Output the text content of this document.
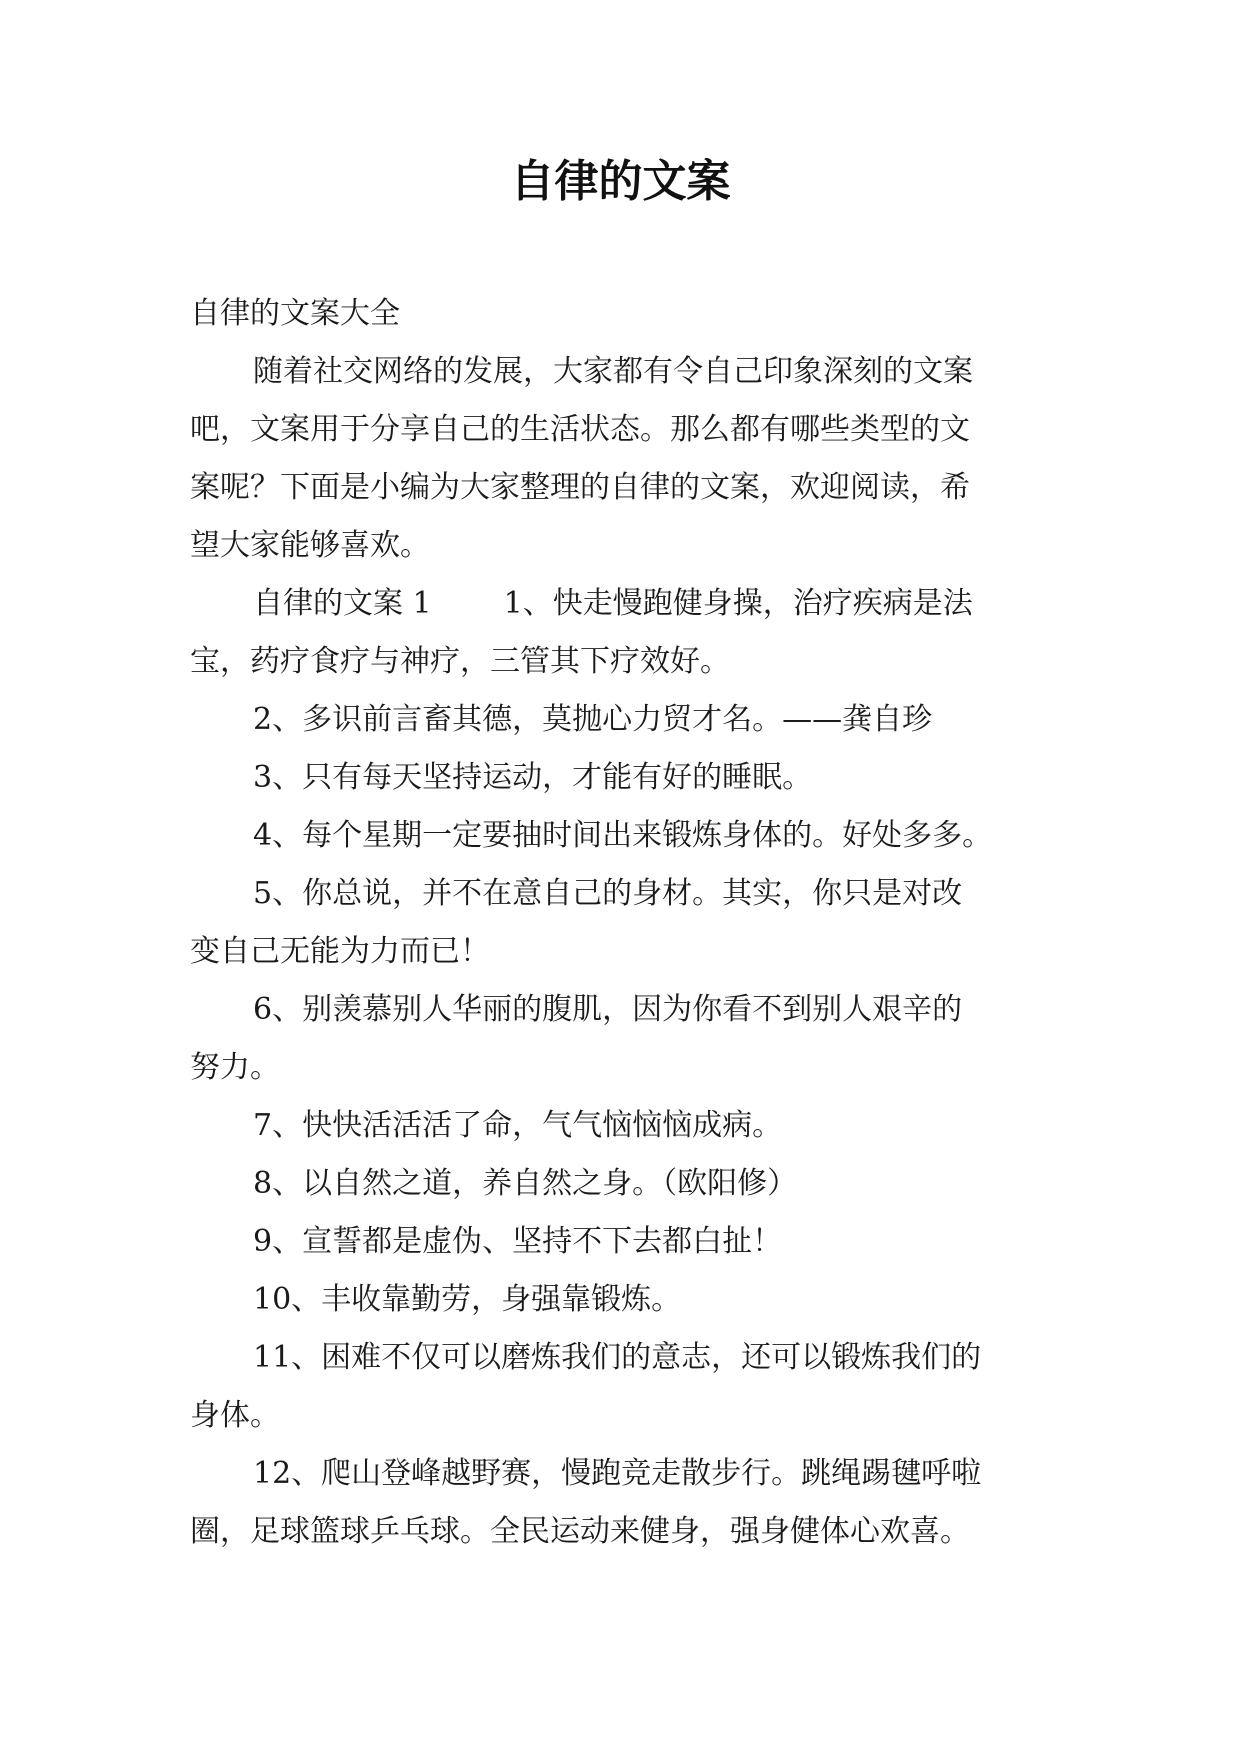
自律的文案

自律的文案大全

随着社交网络的发展，大家都有令自己印象深刻的文案

吧，文案用于分享自己的生活状态。那么都有哪些类型的文

案呢？下面是小编为大家整理的自律的文案，欢迎阅读，希

望大家能够喜欢。

自律的文案 1 1、快走慢跑健身操，治疗疾病是法

宝，药疗食疗与神疗，三管其下疗效好。

2、多识前言畜其德，莫抛心力贸才名。——龚自珍

3、只有每天坚持运动，才能有好的睡眠。

4、每个星期一定要抽时间出来锻炼身体的。好处多多。

5、你总说，并不在意自己的身材。其实，你只是对改

变自己无能为力而已！

6、别羡慕别人华丽的腹肌，因为你看不到别人艰辛的

努力。

7、快快活活活了命，气气恼恼恼成病。

8、以自然之道，养自然之身。（欧阳修）

9、宣誓都是虚伪、坚持不下去都白扯！

10、丰收靠勤劳，身强靠锻炼。

11、困难不仅可以磨炼我们的意志，还可以锻炼我们的

身体。

12、爬山登峰越野赛，慢跑竞走散步行。跳绳踢毽呼啦

圈，足球篮球乒乓球。全民运动来健身，强身健体心欢喜。
